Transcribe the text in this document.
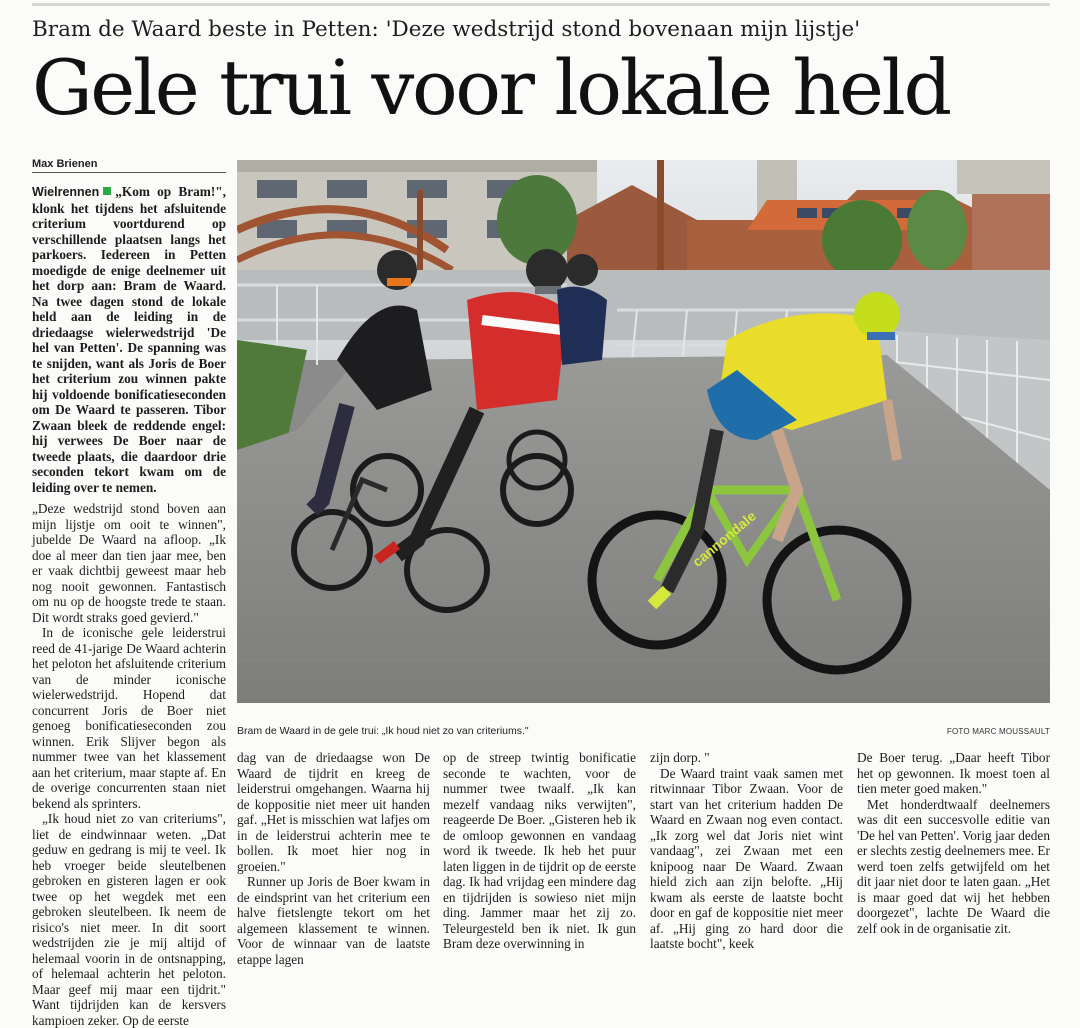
Bram de Waard beste in Petten: 'Deze wedstrijd stond bovenaan mijn lijstje'
Gele trui voor lokale held
Max Brienen

Wielrennen „Kom op Bram!", klonk het tijdens het afsluitende criterium voortdurend op verschillende plaatsen langs het parkoers. Iedereen in Petten moedigde de enige deelnemer uit het dorp aan: Bram de Waard. Na twee dagen stond de lokale held aan de leiding in de driedaagse wielerwedstrijd 'De hel van Petten'. De spanning was te snijden, want als Joris de Boer het criterium zou winnen pakte hij voldoende bonificatieseconden om De Waard te passeren. Tibor Zwaan bleek de reddende engel: hij verwees De Boer naar de tweede plaats, die daardoor drie seconden tekort kwam om de leiding over te nemen.

„Deze wedstrijd stond boven aan mijn lijstje om ooit te winnen", jubelde De Waard na afloop. „Ik doe al meer dan tien jaar mee, ben er vaak dichtbij geweest maar heb nog nooit gewonnen. Fantastisch om nu op de hoogste trede te staan. Dit wordt straks goed gevierd."

In de iconische gele leiderstrui reed de 41-jarige De Waard achterin het peloton het afsluitende criterium van de minder iconische wielerwedstrijd. Hopend dat concurrent Joris de Boer niet genoeg bonificatieseconden zou winnen. Erik Slijver begon als nummer twee van het klassement aan het criterium, maar stapte af. En de overige concurrenten staan niet bekend als sprinters.

„Ik houd niet zo van criteriums", liet de eindwinnaar weten. „Dat geduw en gedrang is mij te veel. Ik heb vroeger beide sleutelbenen gebroken en gisteren lagen er ook twee op het wegdek met een gebroken sleutelbeen. Ik neem de risico's niet meer. In dit soort wedstrijden zie je mij altijd of helemaal voorin in de ontsnapping, of helemaal achterin het peloton. Maar geef mij maar een tijdrit." Want tijdrijden kan de kersvers kampioen zeker. Op de eerste

cannondale
Bram de Waard in de gele trui: „Ik houd niet zo van criteriums."	FOTO MARC MOUSSAULT

dag van de driedaagse won De Waard de tijdrit en kreeg de leiderstrui omgehangen. Waarna hij de koppositie niet meer uit handen gaf. „Het is misschien wat lafjes om in de leiderstrui achterin mee te bollen. Ik moet hier nog in groeien."

Runner up Joris de Boer kwam in de eindsprint van het criterium een halve fietslengte tekort om het algemeen klassement te winnen. Voor de winnaar van de laatste etappe lagen

op de streep twintig bonificatie seconde te wachten, voor de nummer twee twaalf. „Ik kan mezelf vandaag niks verwijten", reageerde De Boer. „Gisteren heb ik de omloop gewonnen en vandaag word ik tweede. Ik heb het puur laten liggen in de tijdrit op de eerste dag. Ik had vrijdag een mindere dag en tijdrijden is sowieso niet mijn ding. Jammer maar het zij zo. Teleurgesteld ben ik niet. Ik gun Bram deze overwinning in

zijn dorp. "

De Waard traint vaak samen met ritwinnaar Tibor Zwaan. Voor de start van het criterium hadden De Waard en Zwaan nog even contact. „Ik zorg wel dat Joris niet wint vandaag", zei Zwaan met een knipoog naar De Waard. Zwaan hield zich aan zijn belofte. „Hij kwam als eerste de laatste bocht door en gaf de koppositie niet meer af. „Hij ging zo hard door die laatste bocht", keek

De Boer terug. „Daar heeft Tibor het op gewonnen. Ik moest toen al tien meter goed maken."

Met honderdtwaalf deelnemers was dit een succesvolle editie van 'De hel van Petten'. Vorig jaar deden er slechts zestig deelnemers mee. Er werd toen zelfs getwijfeld om het dit jaar niet door te laten gaan. „Het is maar goed dat wij het hebben doorgezet", lachte De Waard die zelf ook in de organisatie zit.
